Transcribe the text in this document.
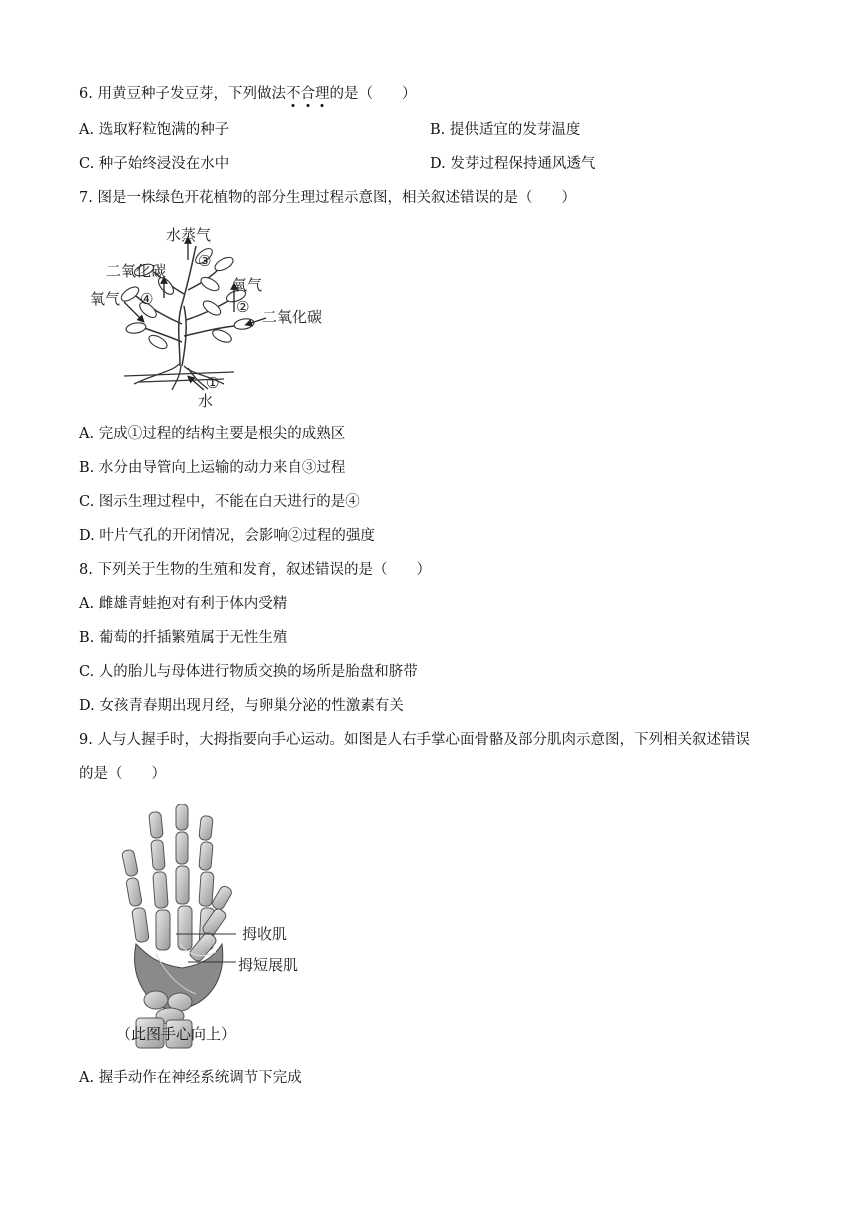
6. 用黄豆种子发豆芽，下列做法不合理的是（　　）
A. 选取籽粒饱满的种子	B. 提供适宜的发芽温度
C. 种子始终浸没在水中	D. 发芽过程保持通风透气
7. 图是一株绿色开花植物的部分生理过程示意图，相关叙述错误的是（　　）
水蒸气
③
二氧化碳
④
氧气
氧气
②
二氧化碳
①
水
A. 完成①过程的结构主要是根尖的成熟区
B. 水分由导管向上运输的动力来自③过程
C. 图示生理过程中，不能在白天进行的是④
D. 叶片气孔的开闭情况，会影响②过程的强度
8. 下列关于生物的生殖和发育，叙述错误的是（　　）
A. 雌雄青蛙抱对有利于体内受精
B. 葡萄的扦插繁殖属于无性生殖
C. 人的胎儿与母体进行物质交换的场所是胎盘和脐带
D. 女孩青春期出现月经，与卵巢分泌的性激素有关
9. 人与人握手时，大拇指要向手心运动。如图是人右手掌心面骨骼及部分肌肉示意图，下列相关叙述错误
的是（　　）
拇收肌
拇短展肌
（此图手心向上）
A. 握手动作在神经系统调节下完成
